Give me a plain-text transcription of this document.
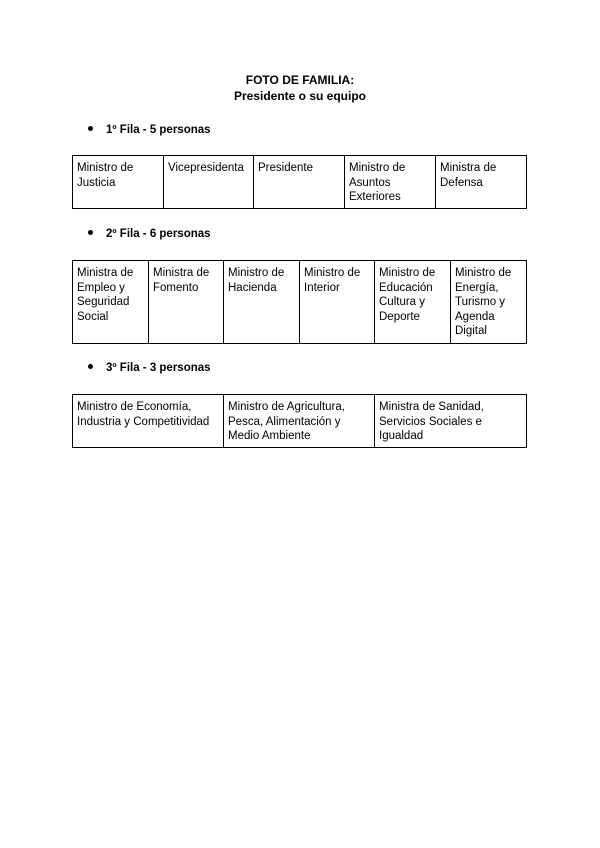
FOTO DE FAMILIA:
Presidente o su equipo
1º Fila - 5 personas
Ministro de Justicia	Vicepresidenta	Presidente	Ministro de Asuntos Exteriores	Ministra de Defensa
2º Fila - 6 personas
Ministra de Empleo y Seguridad Social	Ministra de Fomento	Ministro de Hacienda	Ministro de Interior	Ministro de Educación Cultura y Deporte	Ministro de Energía, Turismo y Agenda Digital
3º Fila - 3 personas
Ministro de Economía, Industria y Competitividad	Ministro de Agricultura, Pesca, Alimentación y Medio Ambiente	Ministra de Sanidad, Servicios Sociales e Igualdad
